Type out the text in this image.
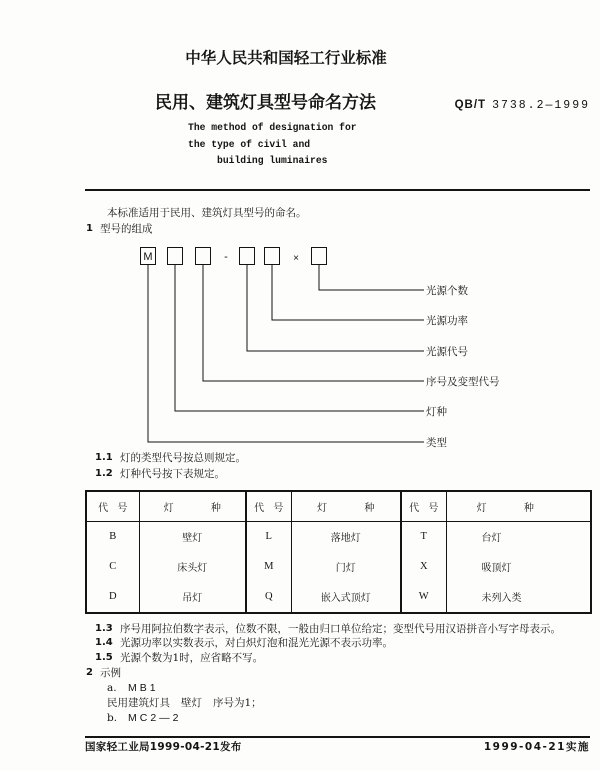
中华人民共和国轻工行业标准
民用、建筑灯具型号命名方法	QB/T 3738.2—1999
The method of designation for
the type of civil and
building luminaires
本标准适用于民用、建筑灯具型号的命名。
1 型号的组成
M	-	×
光源个数
光源功率
光源代号
序号及变型代号
灯种
类型
1.1 灯的类型代号按总则规定。
1.2 灯种代号按下表规定。
代 号	灯 种	代 号	灯 种	代 号	灯 种
B	壁灯	L	落地灯	T	台灯
C	床头灯	M	门灯	X	吸顶灯
D	吊灯	Q	嵌入式顶灯	W	未列入类
1.3 序号用阿拉伯数字表示，位数不限，一般由归口单位给定；变型代号用汉语拼音小写字母表示。
1.4 光源功率以实数表示，对白炽灯泡和混光光源不表示功率。
1.5 光源个数为1时，应省略不写。
2 示例
a. MB1
民用建筑灯具 壁灯 序号为1；
b. MC2—2
国家轻工业局1999-04-21发布	1999-04-21实施
